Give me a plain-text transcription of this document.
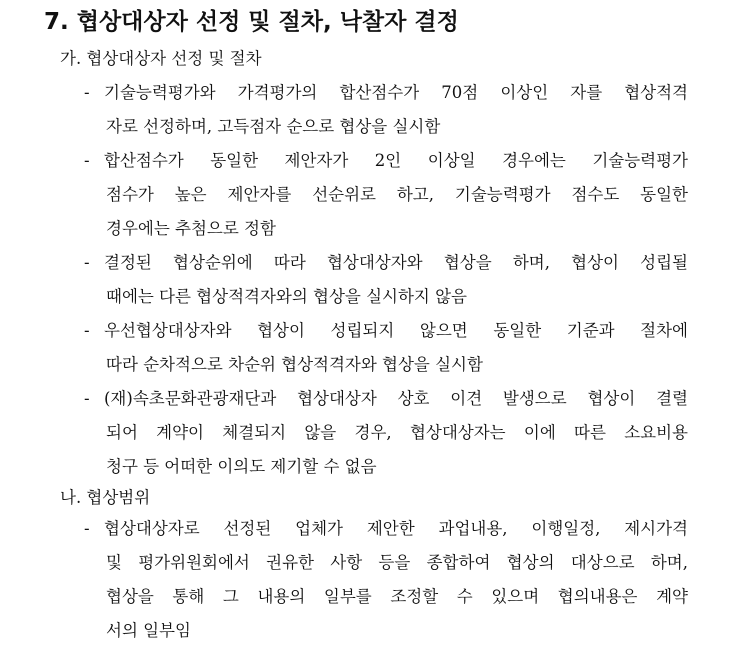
7. 협상대상자 선정 및 절차, 낙찰자 결정
가. 협상대상자 선정 및 절차
- 기술능력평가와 가격평가의 합산점수가 70점 이상인 자를 협상적격
자로 선정하며, 고득점자 순으로 협상을 실시함
- 합산점수가 동일한 제안자가 2인 이상일 경우에는 기술능력평가
점수가 높은 제안자를 선순위로 하고, 기술능력평가 점수도 동일한
경우에는 추첨으로 정함
- 결정된 협상순위에 따라 협상대상자와 협상을 하며, 협상이 성립될
때에는 다른 협상적격자와의 협상을 실시하지 않음
- 우선협상대상자와 협상이 성립되지 않으면 동일한 기준과 절차에
따라 순차적으로 차순위 협상적격자와 협상을 실시함
- (재)속초문화관광재단과 협상대상자 상호 이견 발생으로 협상이 결렬
되어 계약이 체결되지 않을 경우, 협상대상자는 이에 따른 소요비용
청구 등 어떠한 이의도 제기할 수 없음
나. 협상범위
- 협상대상자로 선정된 업체가 제안한 과업내용, 이행일정, 제시가격
및 평가위원회에서 권유한 사항 등을 종합하여 협상의 대상으로 하며,
협상을 통해 그 내용의 일부를 조정할 수 있으며 협의내용은 계약
서의 일부임
